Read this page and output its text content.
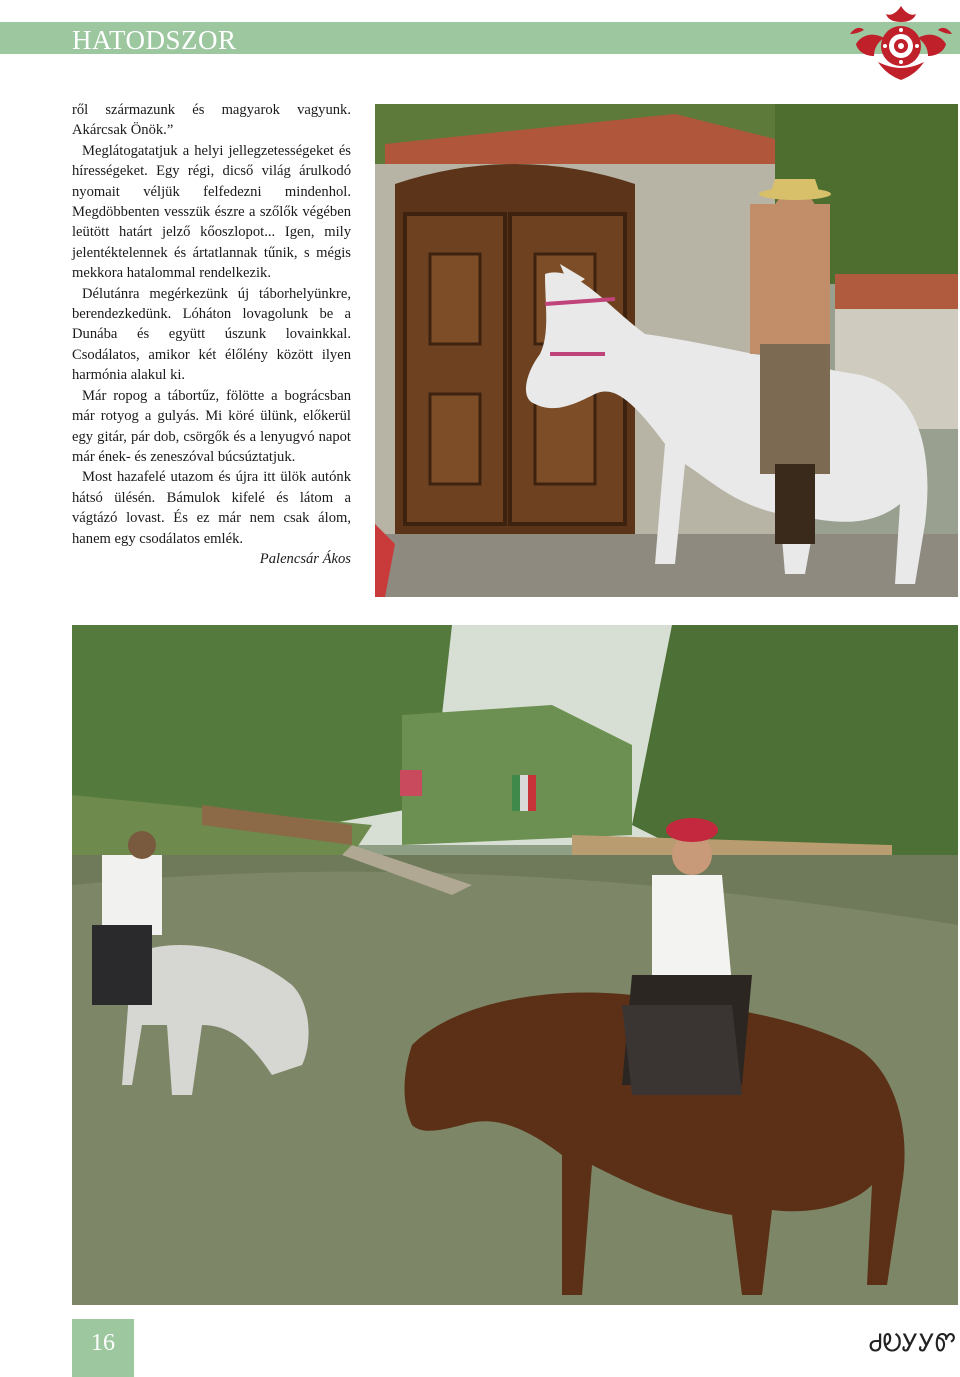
HATODSZOR

ről származunk és magyarok vagyunk. Akárcsak Önök.”

Meglátogatatjuk a helyi jellegzetességeket és hírességeket. Egy régi, dicső világ árulkodó nyomait véljük felfedezni mindenhol. Megdöbbenten vesszük észre a szőlők végében leütött határt jelző kőoszlopot... Igen, mily jelentéktelennek és ártatlannak tűnik, s mégis mekkora hatalommal rendelkezik.

Délutánra megérkezünk új táborhelyünkre, berendezkedünk. Lóháton lovagolunk be a Dunába és együtt úszunk lovainkkal. Csodálatos, amikor két élőlény között ilyen harmónia alakul ki.

Már ropog a tábortűz, fölötte a bográcsban már rotyog a gulyás. Mi köré ülünk, előkerül egy gitár, pár dob, csörgők és a lenyugvó napot már ének- és zeneszóval búcsúztatjuk.

Most hazafelé utazom és újra itt ülök autónk hátsó ülésén. Bámulok kifelé és látom a vágtázó lovast. És ez már nem csak álom, hanem egy csodálatos emlék.

Palencsár Ákos

16	ᏧᎧᎩᎩᏛ
